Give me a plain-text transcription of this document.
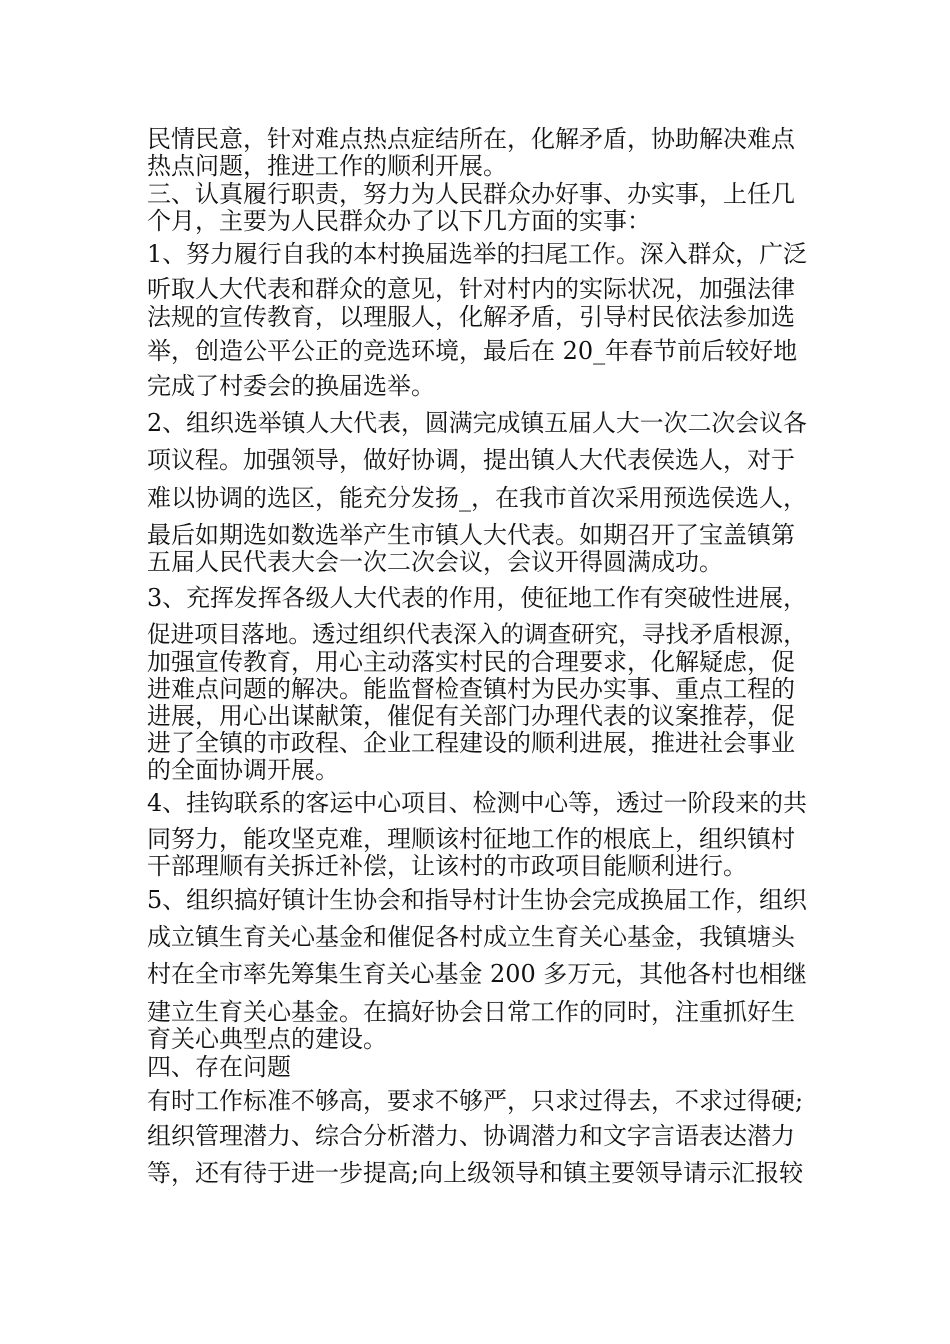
民情民意，针对难点热点症结所在，化解矛盾，协助解决难点
热点问题，推进工作的顺利开展。
三、认真履行职责，努力为人民群众办好事、办实事，上任几
个月，主要为人民群众办了以下几方面的实事：
1、努力履行自我的本村换届选举的扫尾工作。深入群众，广泛
听取人大代表和群众的意见，针对村内的实际状况，加强法律
法规的宣传教育，以理服人，化解矛盾，引导村民依法参加选
举，创造公平公正的竞选环境，最后在 20_年春节前后较好地
完成了村委会的换届选举。
2、组织选举镇人大代表，圆满完成镇五届人大一次二次会议各
项议程。加强领导，做好协调，提出镇人大代表侯选人，对于
难以协调的选区，能充分发扬_，在我市首次采用预选侯选人，
最后如期选如数选举产生市镇人大代表。如期召开了宝盖镇第
五届人民代表大会一次二次会议，会议开得圆满成功。
3、充挥发挥各级人大代表的作用，使征地工作有突破性进展，
促进项目落地。透过组织代表深入的调查研究，寻找矛盾根源，
加强宣传教育，用心主动落实村民的合理要求，化解疑虑，促
进难点问题的解决。能监督检查镇村为民办实事、重点工程的
进展，用心出谋献策，催促有关部门办理代表的议案推荐，促
进了全镇的市政程、企业工程建设的顺利进展，推进社会事业
的全面协调开展。
4、挂钩联系的客运中心项目、检测中心等，透过一阶段来的共
同努力，能攻坚克难，理顺该村征地工作的根底上，组织镇村
干部理顺有关拆迁补偿，让该村的市政项目能顺利进行。
5、组织搞好镇计生协会和指导村计生协会完成换届工作，组织
成立镇生育关心基金和催促各村成立生育关心基金，我镇塘头
村在全市率先筹集生育关心基金 200 多万元，其他各村也相继
建立生育关心基金。在搞好协会日常工作的同时，注重抓好生
育关心典型点的建设。
四、存在问题
有时工作标准不够高，要求不够严，只求过得去，不求过得硬;
组织管理潜力、综合分析潜力、协调潜力和文字言语表达潜力
等，还有待于进一步提高;向上级领导和镇主要领导请示汇报较
